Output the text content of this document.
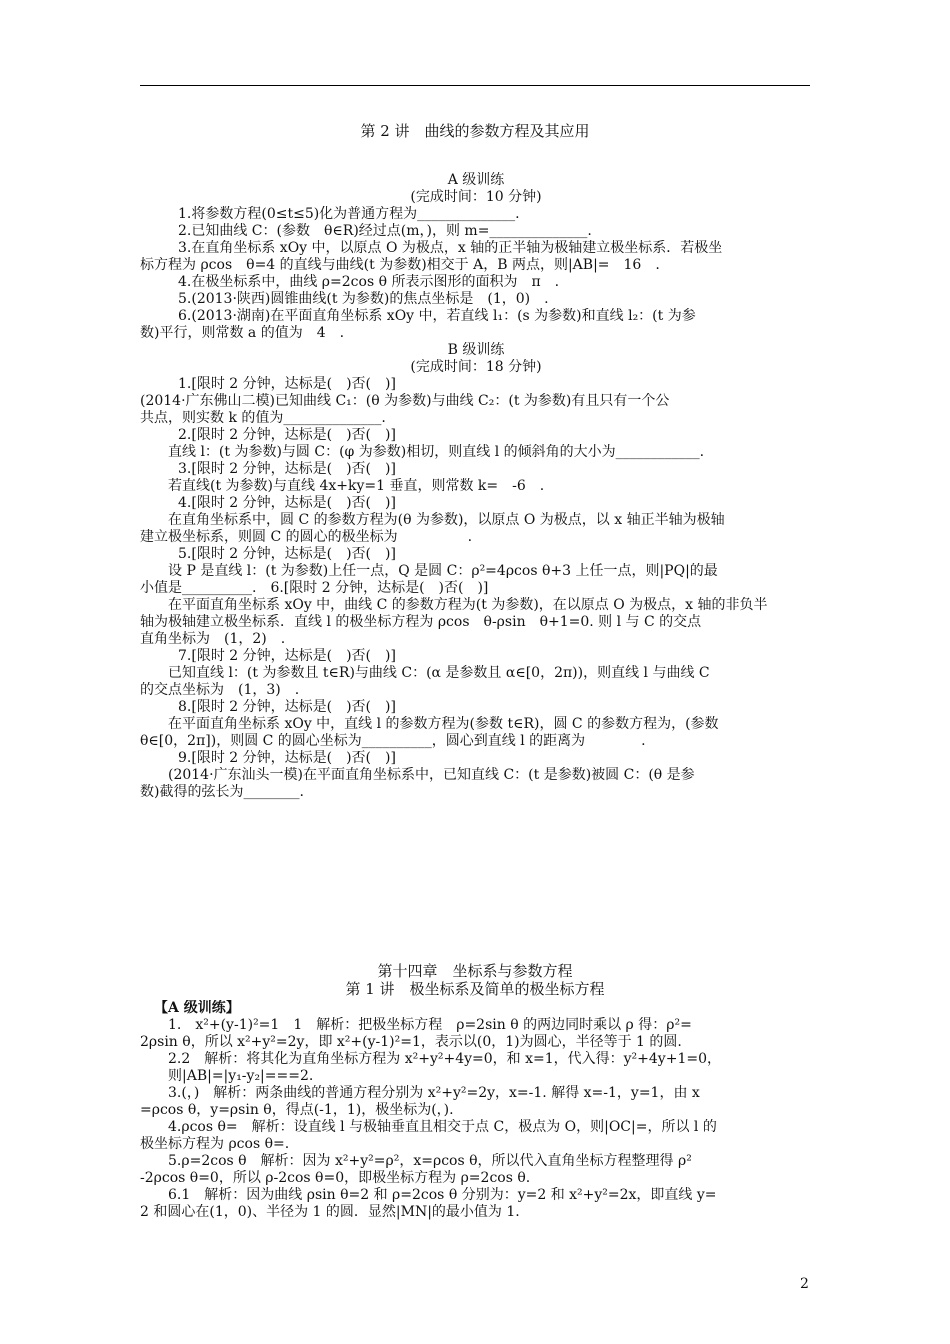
第 2 讲　曲线的参数方程及其应用
A 级训练
(完成时间：10 分钟)
1.将参数方程(0≤t≤5)化为普通方程为______________.
2.已知曲线 C：(参数　θ∈R)经过点(m，)，则 m=______________.
3.在直角坐标系 xOy 中，以原点 O 为极点，x 轴的正半轴为极轴建立极坐标系．若极坐
标方程为 ρcos　θ=4 的直线与曲线(t 为参数)相交于 A，B 两点，则|AB|=　16　.
4.在极坐标系中，曲线 ρ=2cos θ 所表示图形的面积为　π　.
5.(2013·陕西)圆锥曲线(t 为参数)的焦点坐标是　(1，0)　.
6.(2013·湖南)在平面直角坐标系 xOy 中，若直线 l₁：(s 为参数)和直线 l₂：(t 为参
数)平行，则常数 a 的值为　4　.
B 级训练
(完成时间：18 分钟)
1.[限时 2 分钟，达标是(　)否(　)]
(2014·广东佛山二模)已知曲线 C₁：(θ 为参数)与曲线 C₂：(t 为参数)有且只有一个公
共点，则实数 k 的值为______________.
2.[限时 2 分钟，达标是(　)否(　)]
直线 l：(t 为参数)与圆 C：(φ 为参数)相切，则直线 l 的倾斜角的大小为____________.
3.[限时 2 分钟，达标是(　)否(　)]
若直线(t 为参数)与直线 4x+ky=1 垂直，则常数 k=　-6　.
4.[限时 2 分钟，达标是(　)否(　)]
在直角坐标系中，圆 C 的参数方程为(θ 为参数)，以原点 O 为极点，以 x 轴正半轴为极轴
建立极坐标系，则圆 C 的圆心的极坐标为　　　　　.
5.[限时 2 分钟，达标是(　)否(　)]
设 P 是直线 l：(t 为参数)上任一点，Q 是圆 C：ρ²=4ρcos θ+3 上任一点，则|PQ|的最
小值是__________.　6.[限时 2 分钟，达标是(　)否(　)]
在平面直角坐标系 xOy 中，曲线 C 的参数方程为(t 为参数)，在以原点 O 为极点，x 轴的非负半
轴为极轴建立极坐标系．直线 l 的极坐标方程为 ρcos　θ-ρsin　θ+1=0. 则 l 与 C 的交点
直角坐标为　(1，2)　.
7.[限时 2 分钟，达标是(　)否(　)]
已知直线 l：(t 为参数且 t∈R)与曲线 C：(α 是参数且 α∈[0，2π))，则直线 l 与曲线 C
的交点坐标为　(1，3)　.
8.[限时 2 分钟，达标是(　)否(　)]
在平面直角坐标系 xOy 中，直线 l 的参数方程为(参数 t∈R)，圆 C 的参数方程为，(参数
θ∈[0，2π])，则圆 C 的圆心坐标为__________，圆心到直线 l 的距离为　　　　.
9.[限时 2 分钟，达标是(　)否(　)]
(2014·广东汕头一模)在平面直角坐标系中，已知直线 C：(t 是参数)被圆 C：(θ 是参
数)截得的弦长为________.
第十四章　坐标系与参数方程
第 1 讲　极坐标系及简单的极坐标方程
【A 级训练】
1.　x²+(y-1)²=1　1　解析：把极坐标方程　ρ=2sin θ 的两边同时乘以 ρ 得：ρ²=
2ρsin θ，所以 x²+y²=2y，即 x²+(y-1)²=1，表示以(0，1)为圆心，半径等于 1 的圆.
2.2　解析：将其化为直角坐标方程为 x²+y²+4y=0，和 x=1，代入得：y²+4y+1=0，
则|AB|=|y₁-y₂|===2.
3.(，)　解析：两条曲线的普通方程分别为 x²+y²=2y，x=-1. 解得 x=-1，y=1，由 x
=ρcos θ，y=ρsin θ，得点(-1，1)，极坐标为(，).
4.ρcos θ=　解析：设直线 l 与极轴垂直且相交于点 C，极点为 O，则|OC|=，所以 l 的
极坐标方程为 ρcos θ=.
5.ρ=2cos θ　解析：因为 x²+y²=ρ²，x=ρcos θ，所以代入直角坐标方程整理得 ρ²
-2ρcos θ=0，所以 ρ-2cos θ=0，即极坐标方程为 ρ=2cos θ.
6.1　解析：因为曲线 ρsin θ=2 和 ρ=2cos θ 分别为：y=2 和 x²+y²=2x，即直线 y=
2 和圆心在(1，0)、半径为 1 的圆．显然|MN|的最小值为 1.
2
